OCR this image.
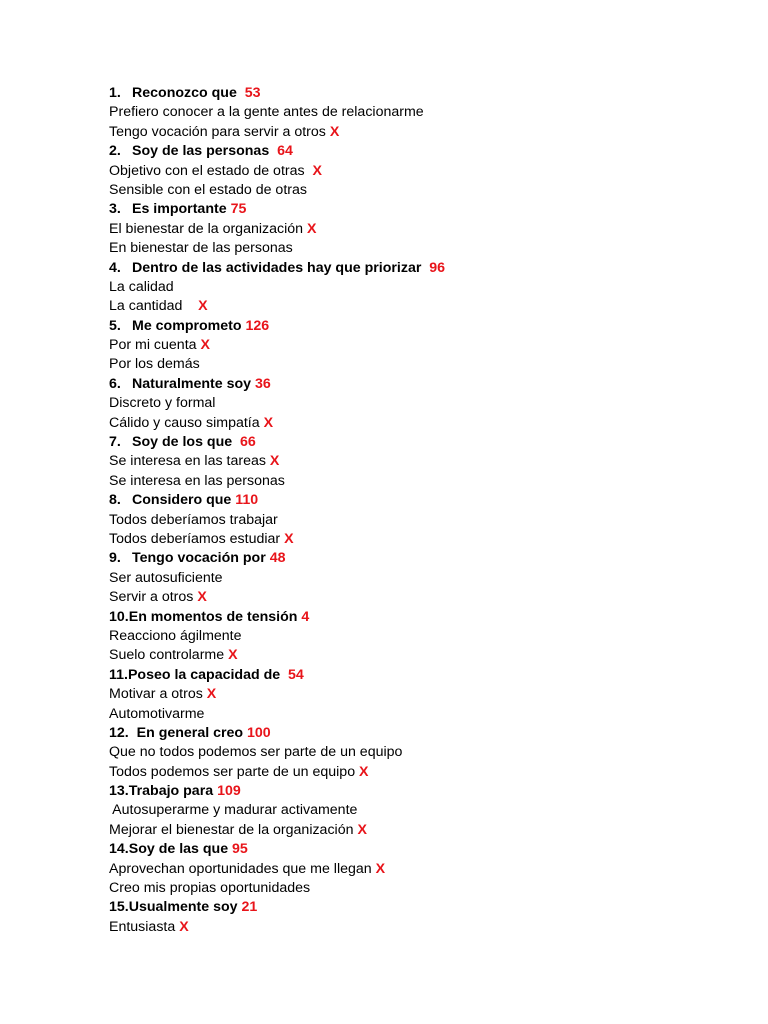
1. Reconozco que 53
Prefiero conocer a la gente antes de relacionarme
Tengo vocación para servir a otros X
2. Soy de las personas 64
Objetivo con el estado de otras X
Sensible con el estado de otras
3. Es importante 75
El bienestar de la organización X
En bienestar de las personas
4. Dentro de las actividades hay que priorizar 96
La calidad
La cantidad X
5. Me comprometo 126
Por mi cuenta X
Por los demás
6. Naturalmente soy 36
Discreto y formal
Cálido y causo simpatía X
7. Soy de los que 66
Se interesa en las tareas X
Se interesa en las personas
8. Considero que 110
Todos deberíamos trabajar
Todos deberíamos estudiar X
9. Tengo vocación por 48
Ser autosuficiente
Servir a otros X
10.En momentos de tensión 4
Reacciono ágilmente
Suelo controlarme X
11.Poseo la capacidad de 54
Motivar a otros X
Automotivarme
12. En general creo 100
Que no todos podemos ser parte de un equipo
Todos podemos ser parte de un equipo X
13.Trabajo para 109
Autosuperarme y madurar activamente
Mejorar el bienestar de la organización X
14.Soy de las que 95
Aprovechan oportunidades que me llegan X
Creo mis propias oportunidades
15.Usualmente soy 21
Entusiasta X
